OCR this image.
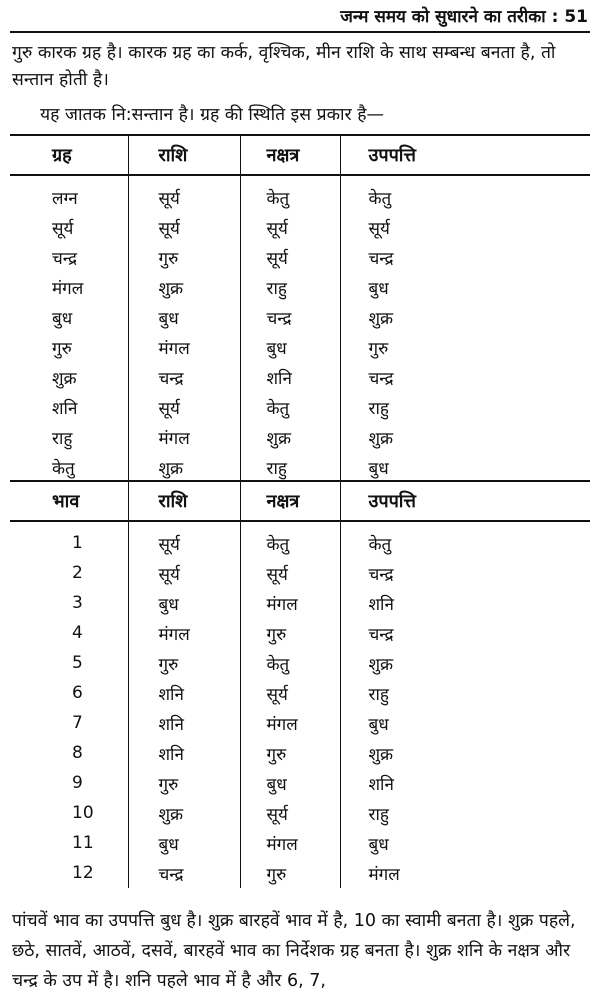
जन्म समय को सुधारने का तरीका : 51

गुरु कारक ग्रह है। कारक ग्रह का कर्क, वृश्चिक, मीन राशि के साथ सम्बन्ध बनता है, तो सन्तान होती है।

यह जातक नि:सन्तान है। ग्रह की स्थिति इस प्रकार है—

ग्रह	राशि	नक्षत्र	उपपत्ति
लग्न	सूर्य	केतु	केतु
सूर्य	सूर्य	सूर्य	सूर्य
चन्द्र	गुरु	सूर्य	चन्द्र
मंगल	शुक्र	राहु	बुध
बुध	बुध	चन्द्र	शुक्र
गुरु	मंगल	बुध	गुरु
शुक्र	चन्द्र	शनि	चन्द्र
शनि	सूर्य	केतु	राहु
राहु	मंगल	शुक्र	शुक्र
केतु	शुक्र	राहु	बुध
भाव	राशि	नक्षत्र	उपपत्ति
1	सूर्य	केतु	केतु
2	सूर्य	सूर्य	चन्द्र
3	बुध	मंगल	शनि
4	मंगल	गुरु	चन्द्र
5	गुरु	केतु	शुक्र
6	शनि	सूर्य	राहु
7	शनि	मंगल	बुध
8	शनि	गुरु	शुक्र
9	गुरु	बुध	शनि
10	शुक्र	सूर्य	राहु
11	बुध	मंगल	बुध
12	चन्द्र	गुरु	मंगल

पांचवें भाव का उपपत्ति बुध है। शुक्र बारहवें भाव में है, 10 का स्वामी बनता है। शुक्र पहले, छठे, सातवें, आठवें, दसवें, बारहवें भाव का निर्देशक ग्रह बनता है। शुक्र शनि के नक्षत्र और चन्द्र के उप में है। शनि पहले भाव में है और 6, 7,
